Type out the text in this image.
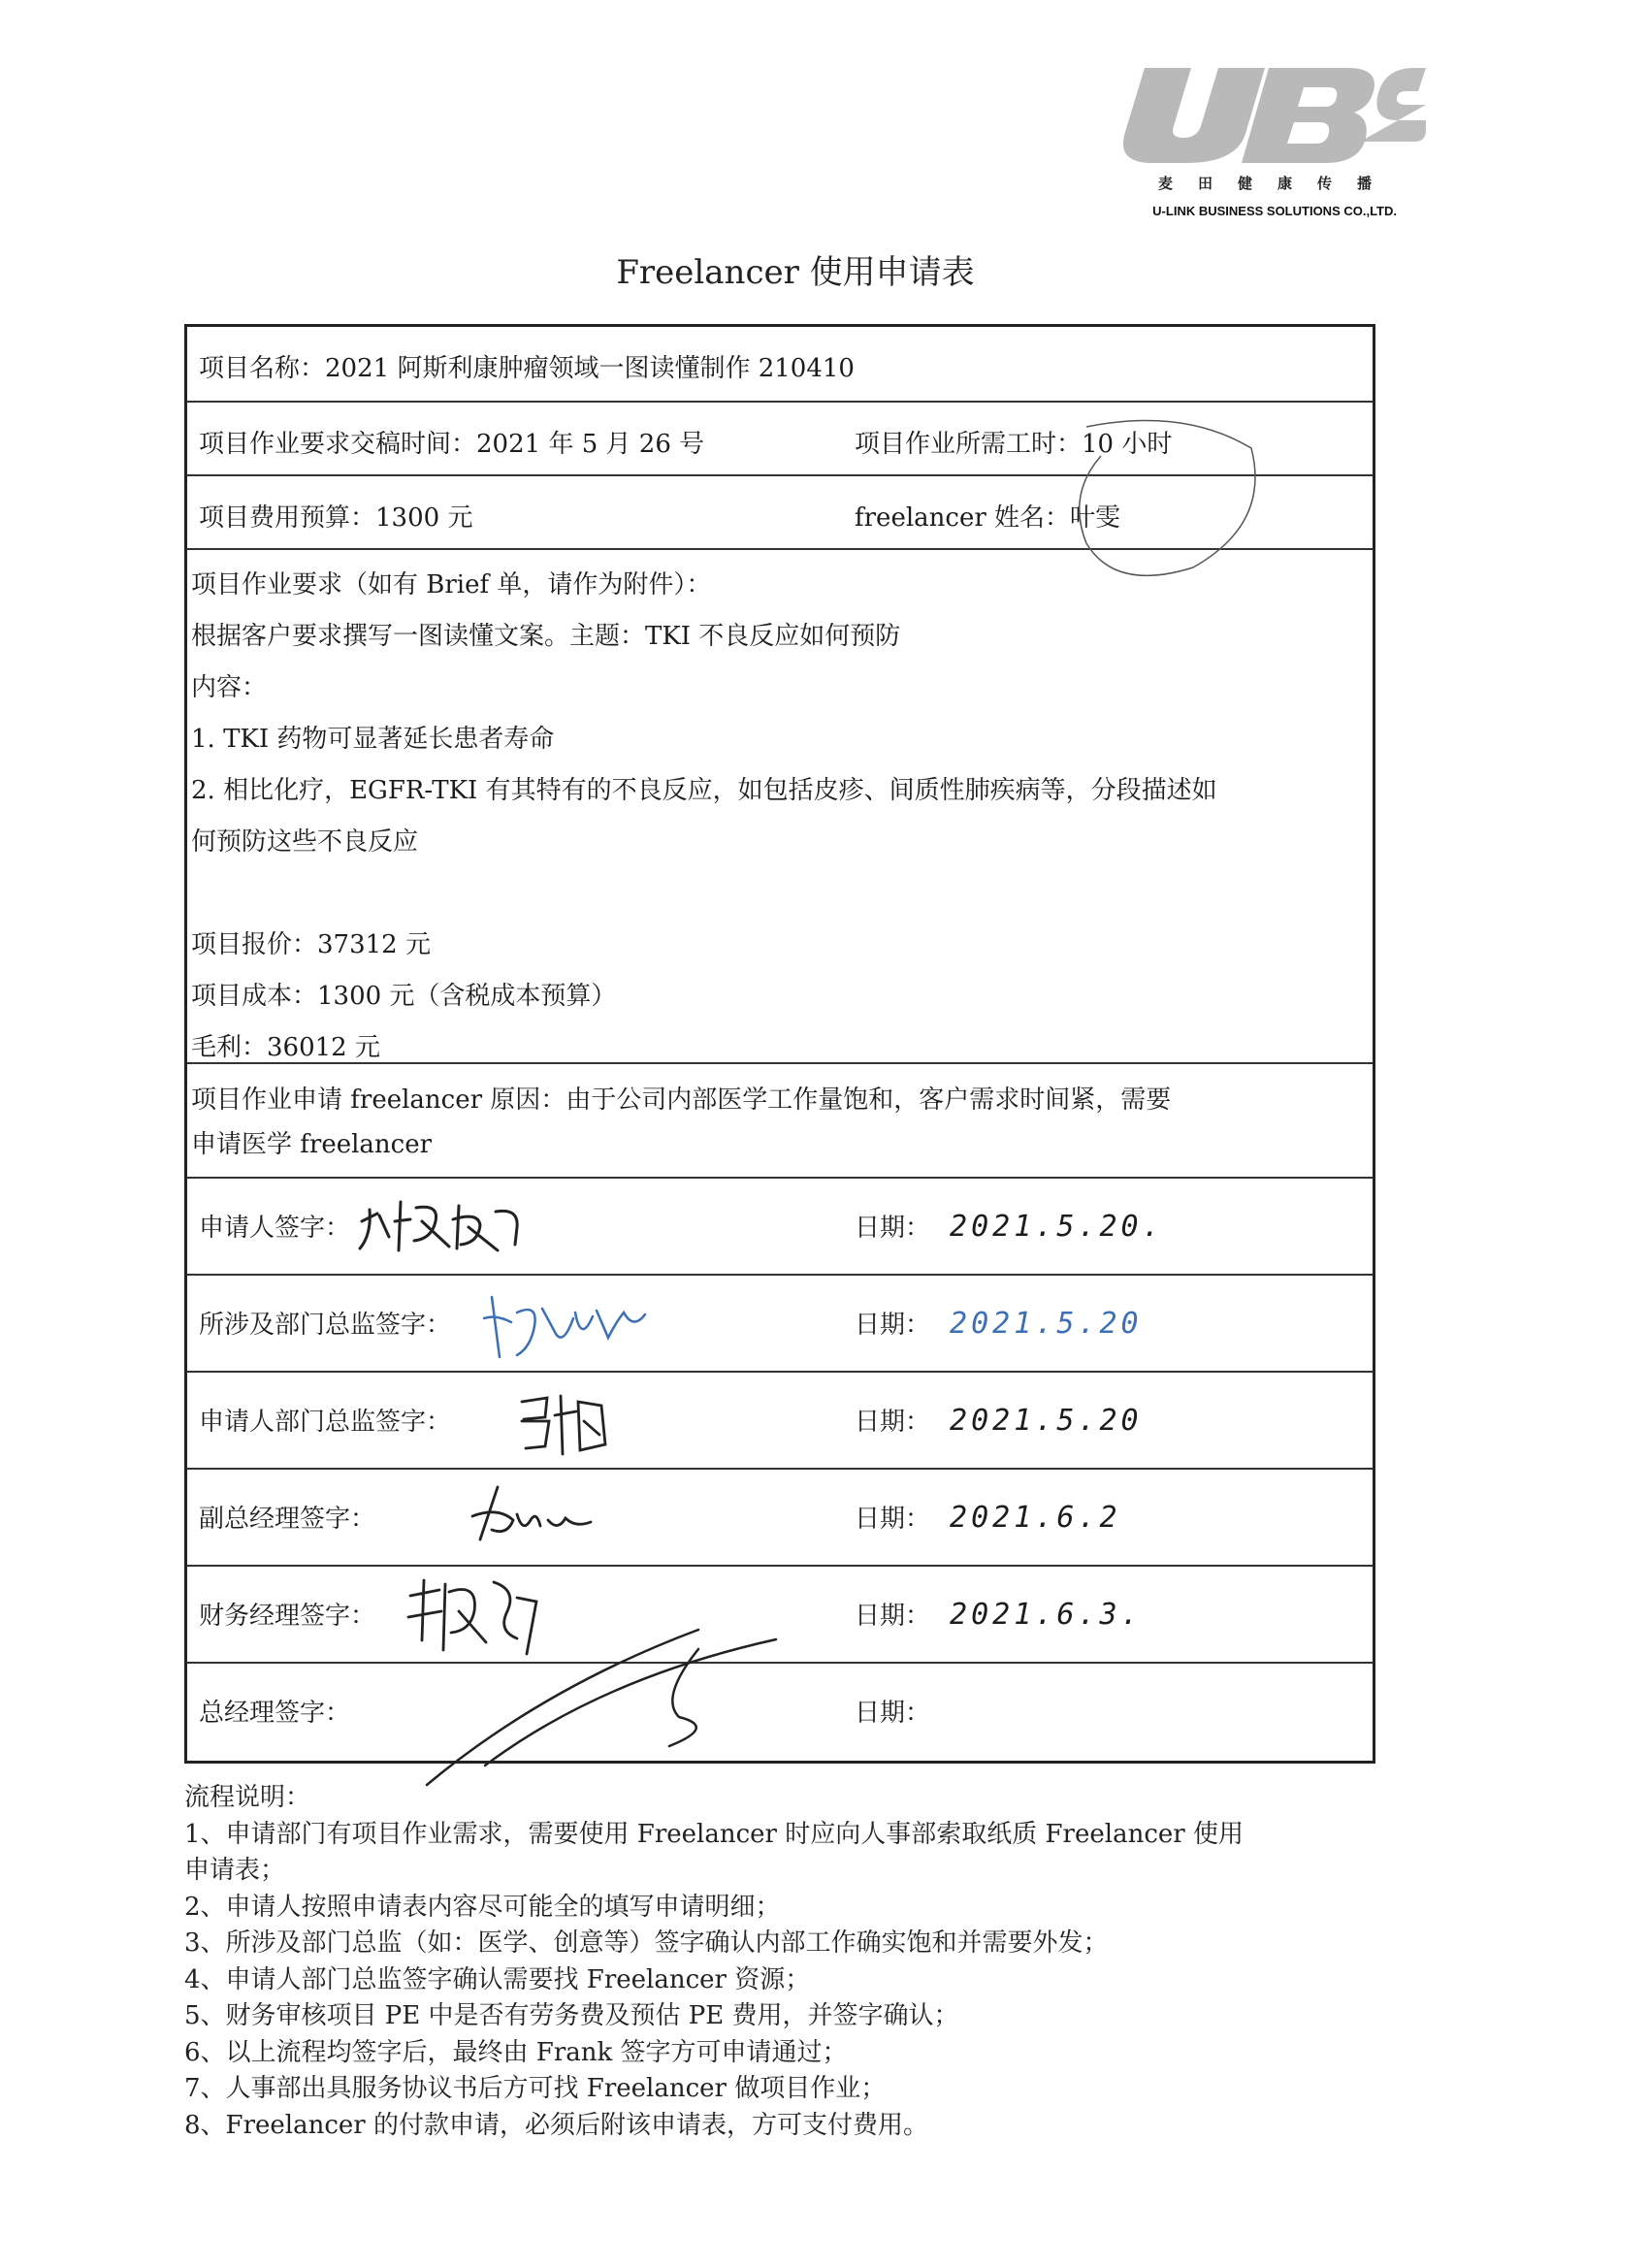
麦田健康传播
U-LINK BUSINESS SOLUTIONS CO.,LTD.
Freelancer 使用申请表
项目名称：2021 阿斯利康肿瘤领域一图读懂制作 210410
项目作业要求交稿时间：2021 年 5 月 26 号	项目作业所需工时：10 小时
项目费用预算：1300 元	freelancer 姓名：叶雯
项目作业要求（如有 Brief 单，请作为附件）：
根据客户要求撰写一图读懂文案。主题：TKI 不良反应如何预防
内容：
1. TKI 药物可显著延长患者寿命
2. 相比化疗，EGFR-TKI 有其特有的不良反应，如包括皮疹、间质性肺疾病等，分段描述如
何预防这些不良反应
项目报价：37312 元
项目成本：1300 元（含税成本预算）
毛利：36012 元
项目作业申请 freelancer 原因：由于公司内部医学工作量饱和，客户需求时间紧，需要
申请医学 freelancer
申请人签字：	日期： 2021.5.20.
所涉及部门总监签字：	日期： 2021.5.20
申请人部门总监签字：	日期： 2021.5.20
副总经理签字：	日期： 2021.6.2
财务经理签字：	日期： 2021.6.3.
总经理签字：	日期：
流程说明：
1、申请部门有项目作业需求，需要使用 Freelancer 时应向人事部索取纸质 Freelancer 使用
申请表；
2、申请人按照申请表内容尽可能全的填写申请明细；
3、所涉及部门总监（如：医学、创意等）签字确认内部工作确实饱和并需要外发；
4、申请人部门总监签字确认需要找 Freelancer 资源；
5、财务审核项目 PE 中是否有劳务费及预估 PE 费用，并签字确认；
6、以上流程均签字后，最终由 Frank 签字方可申请通过；
7、人事部出具服务协议书后方可找 Freelancer 做项目作业；
8、Freelancer 的付款申请，必须后附该申请表，方可支付费用。
